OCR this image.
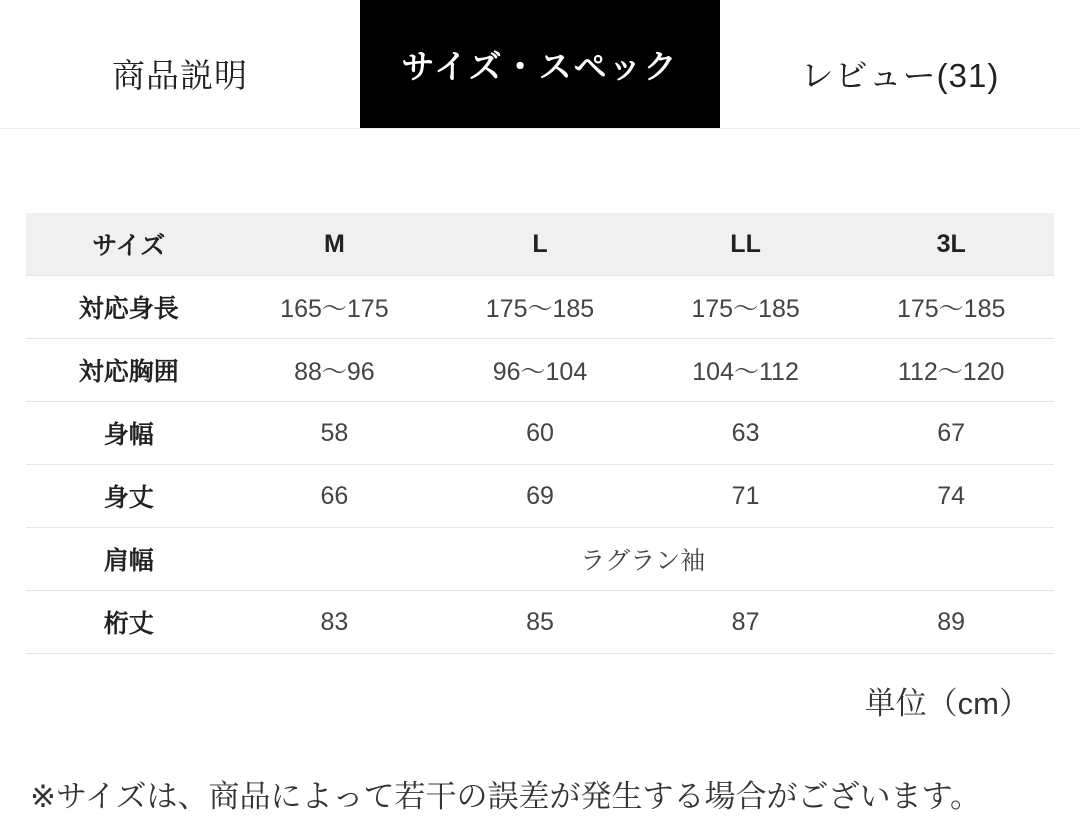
商品説明	サイズ・スペック	レビュー(31)
サイズ	M	L	LL	3L
対応身長	165〜175	175〜185	175〜185	175〜185
対応胸囲	88〜96	96〜104	104〜112	112〜120
身幅	58	60	63	67
身丈	66	69	71	74
肩幅	ラグラン袖			
桁丈	83	85	87	89
単位（cm）
※サイズは、商品によって若干の誤差が発生する場合がございます。
